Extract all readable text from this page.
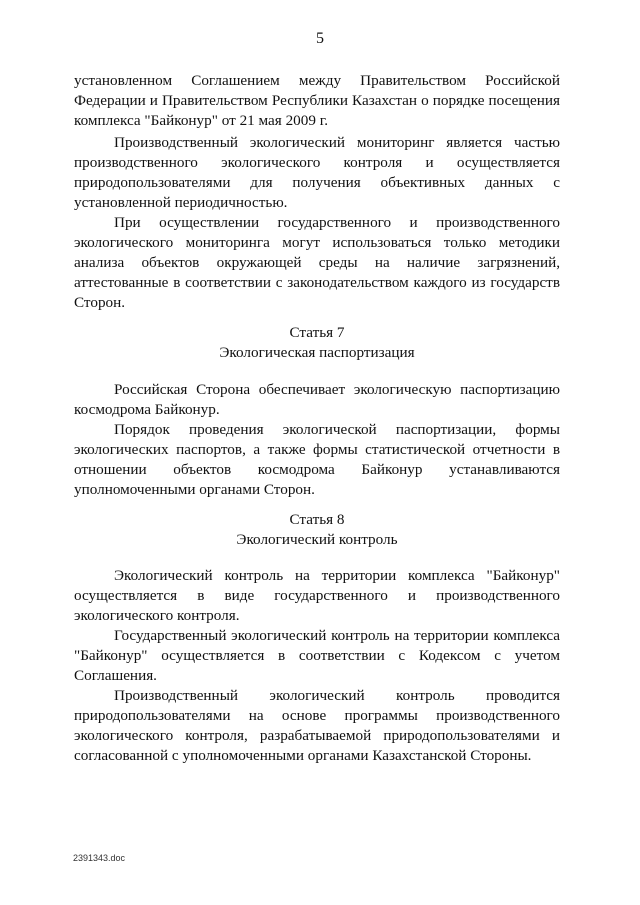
5
установленном Соглашением между Правительством Российской
Федерации и Правительством Республики Казахстан о порядке посещения
комплекса "Байконур" от 21 мая 2009 г.
Производственный экологический мониторинг является частью
производственного экологического контроля и осуществляется
природопользователями для получения объективных данных с
установленной периодичностью.
При осуществлении государственного и производственного
экологического мониторинга могут использоваться только методики
анализа объектов окружающей среды на наличие загрязнений,
аттестованные в соответствии с законодательством каждого из государств
Сторон.
Статья 7
Экологическая паспортизация
Российская Сторона обеспечивает экологическую паспортизацию
космодрома Байконур.
Порядок проведения экологической паспортизации, формы
экологических паспортов, а также формы статистической отчетности в
отношении объектов космодрома Байконур устанавливаются
уполномоченными органами Сторон.
Статья 8
Экологический контроль
Экологический контроль на территории комплекса "Байконур"
осуществляется в виде государственного и производственного
экологического контроля.
Государственный экологический контроль на территории комплекса
"Байконур" осуществляется в соответствии с Кодексом с учетом
Соглашения.
Производственный экологический контроль проводится
природопользователями на основе программы производственного
экологического контроля, разрабатываемой природопользователями и
согласованной с уполномоченными органами Казахстанской Стороны.
2391343.doc
